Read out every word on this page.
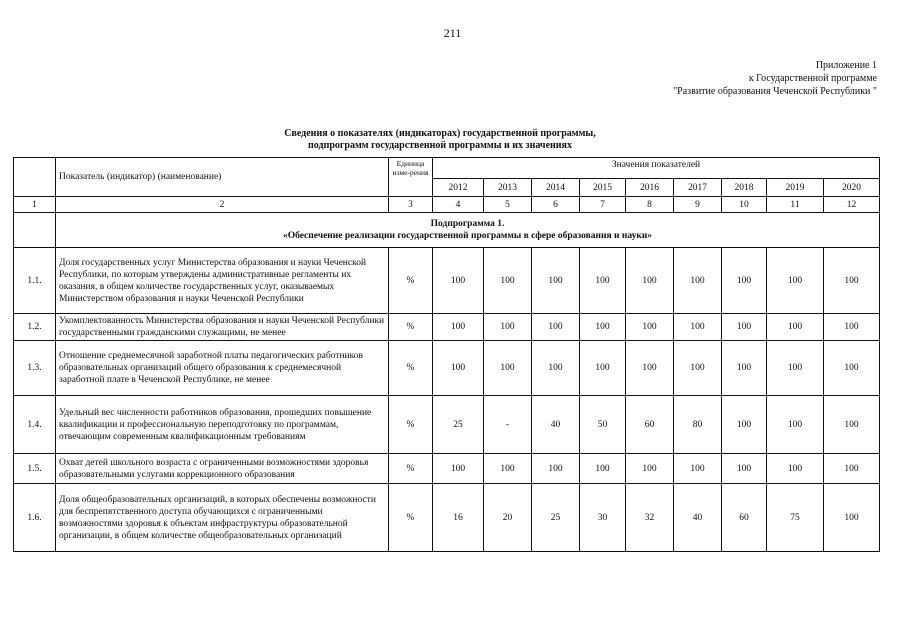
211
Приложение 1
к Государственной программе
"Развитие образования Чеченской Республики "
Сведения о показателях (индикаторах) государственной программы,
подпрограмм государственной программы и их значениях
	Показатель (индикатор) (наименование)	Единица изме-рения	Значения показателей								
			2012	2013	2014	2015	2016	2017	2018	2019	2020
1	2	3	4	5	6	7	8	9	10	11	12

	Подпрограмма 1.
«Обеспечение реализации государственной программы в сфере образования и науки»										

1.1.	Доля государственных услуг Министерства образования и науки Чеченской Республики, по которым утверждены административные регламенты их оказания, в общем количестве государственных услуг, оказываемых Министерством образования и науки Чеченской Республики	%	100	100	100	100	100	100	100	100	100
1.2.	Укомплектованность Министерства образования и науки Чеченской Республики государственными гражданскими служащими, не менее	%	100	100	100	100	100	100	100	100	100
1.3.	Отношение среднемесячной заработной платы педагогических работников образовательных организаций общего образования к среднемесячной заработной плате в Чеченской Республике, не менее	%	100	100	100	100	100	100	100	100	100
1.4.	Удельный вес численности работников образования, прошедших повышение квалификации и профессиональную переподготовку по программам, отвечающим современным квалификационным требованиям	%	25	-	40	50	60	80	100	100	100
1.5.	Охват детей школьного возраста с ограниченными возможностями здоровья образовательными услугами коррекционного образования	%	100	100	100	100	100	100	100	100	100
1.6.	Доля общеобразовательных организаций, в которых обеспечены возможности для беспрепятственного доступа обучающихся с ограниченными возможностями здоровья к объектам инфраструктуры образовательной организации, в общем количестве общеобразовательных организаций	%	16	20	25	30	32	40	60	75	100
